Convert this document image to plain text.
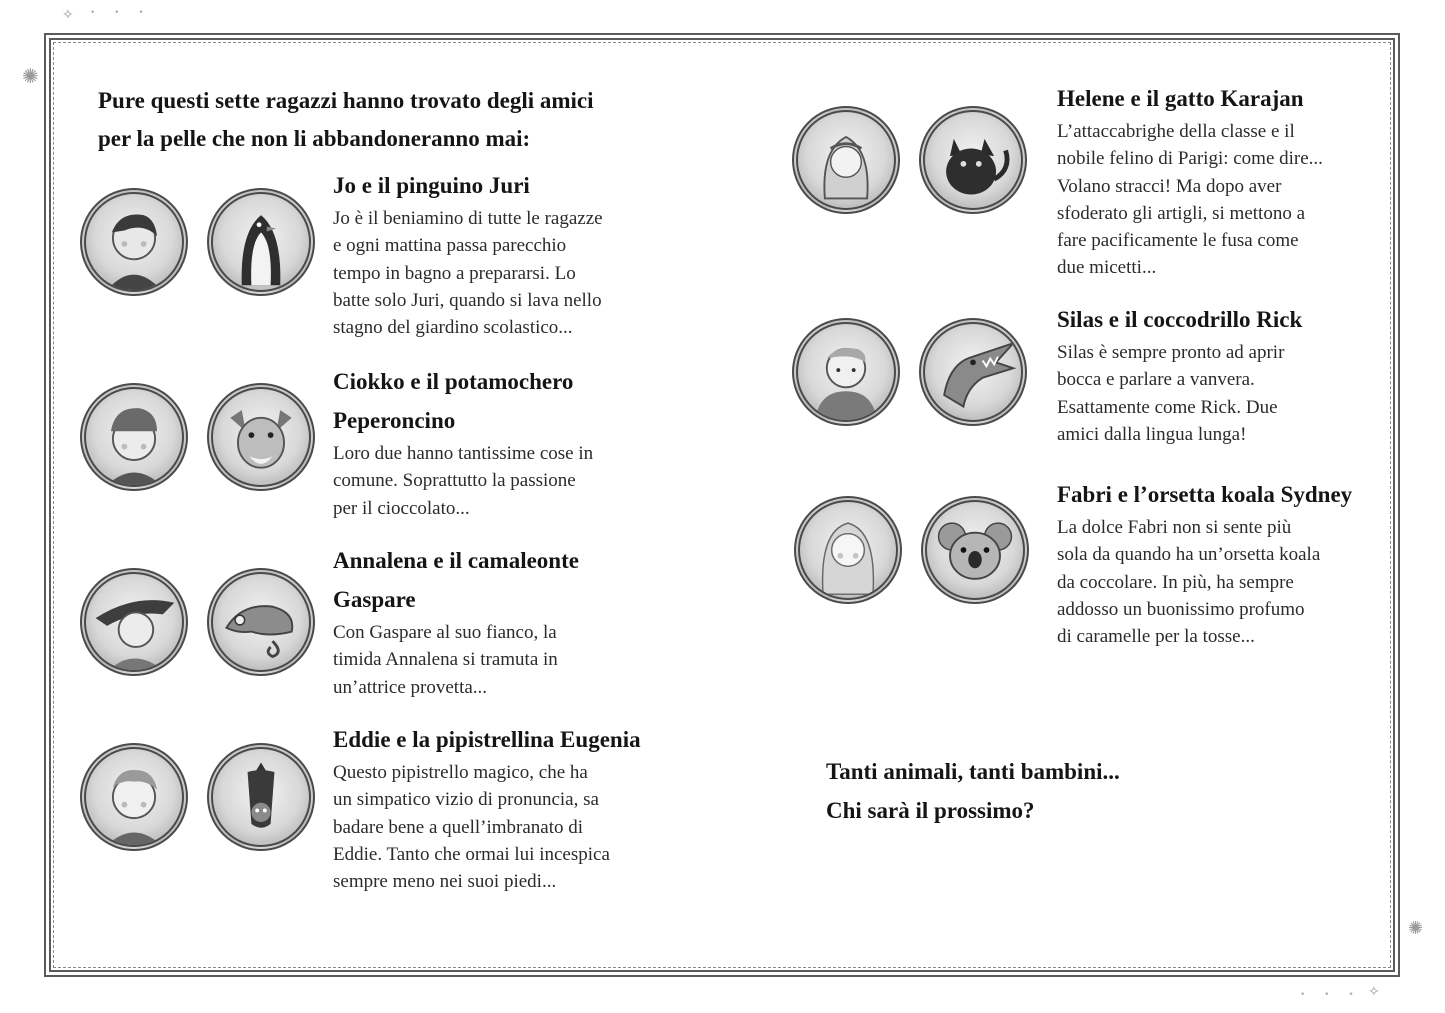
✧
✺
✺
✧
• • •
• • •
Pure questi sette ragazzi hanno trovato degli amici
per la pelle che non li abbandoneranno mai:
Jo e il pinguino Juri
Jo è il beniamino di tutte le ragazze
e ogni mattina passa parecchio
tempo in bagno a prepararsi. Lo
batte solo Juri, quando si lava nello
stagno del giardino scolastico...
Ciokko e il potamochero
Peperoncino
Loro due hanno tantissime cose in
comune. Soprattutto la passione
per il cioccolato...
Annalena e il camaleonte
Gaspare
Con Gaspare al suo fianco, la
timida Annalena si tramuta in
un’attrice provetta...
Eddie e la pipistrellina Eugenia
Questo pipistrello magico, che ha
un simpatico vizio di pronuncia, sa
badare bene a quell’imbranato di
Eddie. Tanto che ormai lui incespica
sempre meno nei suoi piedi...
Helene e il gatto Karajan
L’attaccabrighe della classe e il
nobile felino di Parigi: come dire...
Volano stracci! Ma dopo aver
sfoderato gli artigli, si mettono a
fare pacificamente le fusa come
due micetti...
Silas e il coccodrillo Rick
Silas è sempre pronto ad aprir
bocca e parlare a vanvera.
Esattamente come Rick. Due
amici dalla lingua lunga!
Fabri e l’orsetta koala Sydney
La dolce Fabri non si sente più
sola da quando ha un’orsetta koala
da coccolare. In più, ha sempre
addosso un buonissimo profumo
di caramelle per la tosse...
Tanti animali, tanti bambini...
Chi sarà il prossimo?
